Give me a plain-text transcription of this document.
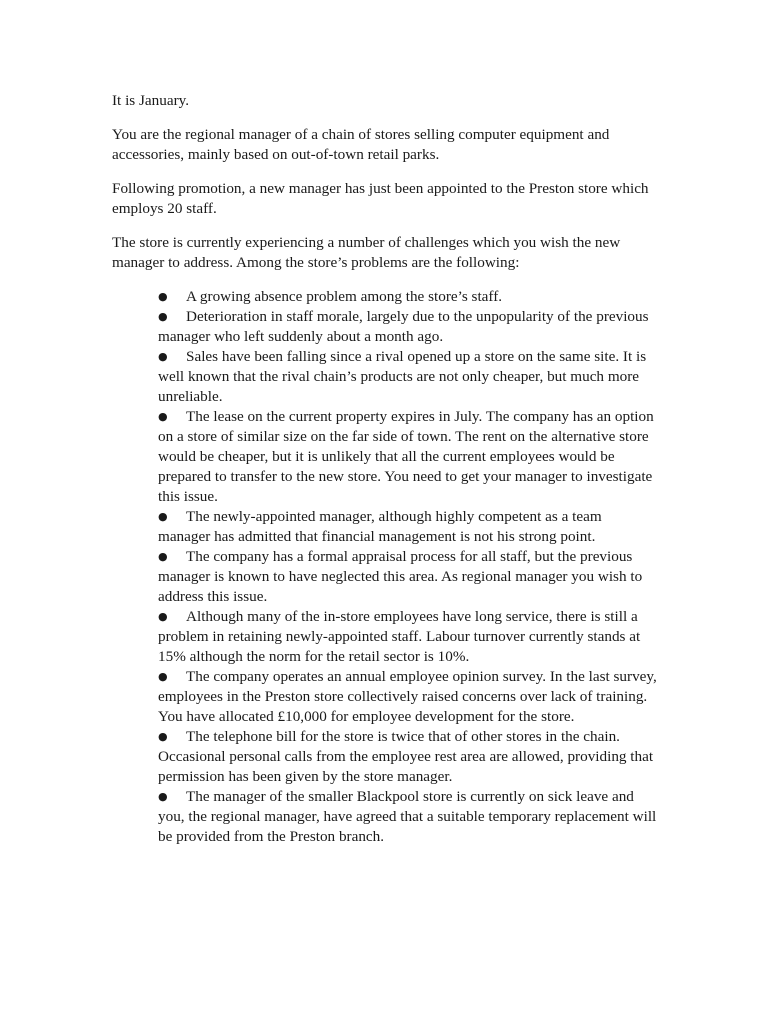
It is January.

You are the regional manager of a chain of stores selling computer equipment and accessories, mainly based on out-of-town retail parks.

Following promotion, a new manager has just been appointed to the Preston store which employs 20 staff.

The store is currently experiencing a number of challenges which you wish the new manager to address. Among the store’s problems are the following:

● A growing absence problem among the store’s staff.
● Deterioration in staff morale, largely due to the unpopularity of the previous manager who left suddenly about a month ago.
● Sales have been falling since a rival opened up a store on the same site. It is well known that the rival chain’s products are not only cheaper, but much more unreliable.
● The lease on the current property expires in July. The company has an option on a store of similar size on the far side of town. The rent on the alternative store would be cheaper, but it is unlikely that all the current employees would be prepared to transfer to the new store. You need to get your manager to investigate this issue.
● The newly-appointed manager, although highly competent as a team manager has admitted that financial management is not his strong point.
● The company has a formal appraisal process for all staff, but the previous manager is known to have neglected this area. As regional manager you wish to address this issue.
● Although many of the in-store employees have long service, there is still a problem in retaining newly-appointed staff. Labour turnover currently stands at 15% although the norm for the retail sector is 10%.
● The company operates an annual employee opinion survey. In the last survey, employees in the Preston store collectively raised concerns over lack of training. You have allocated £10,000 for employee development for the store.
● The telephone bill for the store is twice that of other stores in the chain. Occasional personal calls from the employee rest area are allowed, providing that permission has been given by the store manager.
● The manager of the smaller Blackpool store is currently on sick leave and you, the regional manager, have agreed that a suitable temporary replacement will be provided from the Preston branch.
